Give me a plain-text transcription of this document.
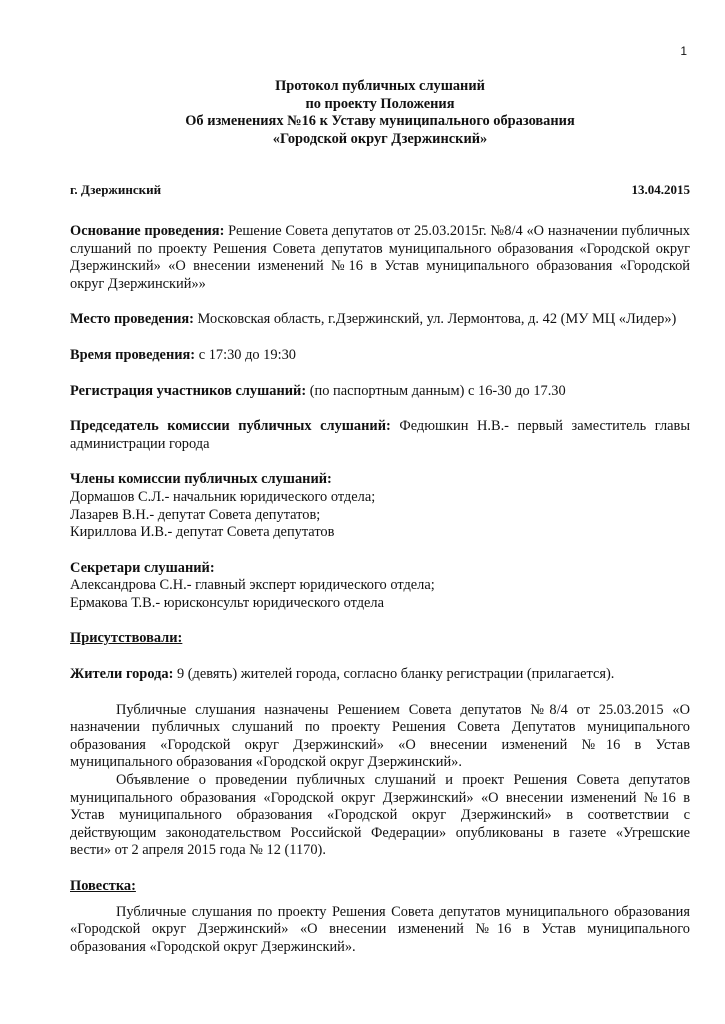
1
Протокол публичных слушаний
по проекту Положения
Об изменениях №16 к Уставу муниципального образования
«Городской округ Дзержинский»
г. Дзержинский	13.04.2015

Основание проведения: Решение Совета депутатов от 25.03.2015г. №8/4 «О назначении публичных слушаний по проекту Решения Совета депутатов муниципального образования «Городской округ Дзержинский» «О внесении изменений №16 в Устав муниципального образования «Городской округ Дзержинский»»

Место проведения: Московская область, г.Дзержинский, ул. Лермонтова, д. 42 (МУ МЦ «Лидер»)

Время проведения: с 17:30 до 19:30

Регистрация участников слушаний: (по паспортным данным) с 16-30 до 17.30

Председатель комиссии публичных слушаний: Федюшкин Н.В.- первый заместитель главы администрации города

Члены комиссии публичных слушаний:
Дормашов С.Л.- начальник юридического отдела;
Лазарев В.Н.- депутат Совета депутатов;
Кириллова И.В.- депутат Совета депутатов
Секретари слушаний:
Александрова С.Н.- главный эксперт юридического отдела;
Ермакова Т.В.- юрисконсульт юридического отдела

Присутствовали:

Жители города: 9 (девять) жителей города, согласно бланку регистрации (прилагается).

Публичные слушания назначены Решением Совета депутатов №8/4 от 25.03.2015 «О назначении публичных слушаний по проекту Решения Совета Депутатов муниципального образования «Городской округ Дзержинский» «О внесении изменений №16 в Устав муниципального образования «Городской округ Дзержинский».

Объявление о проведении публичных слушаний и проект Решения Совета депутатов муниципального образования «Городской округ Дзержинский» «О внесении изменений №16 в Устав муниципального образования «Городской округ Дзержинский» в соответствии с действующим законодательством Российской Федерации» опубликованы в газете «Угрешские вести» от 2 апреля 2015 года № 12 (1170).

Повестка:

Публичные слушания по проекту Решения Совета депутатов муниципального образования «Городской округ Дзержинский» «О внесении изменений №16 в Устав муниципального образования «Городской округ Дзержинский».
